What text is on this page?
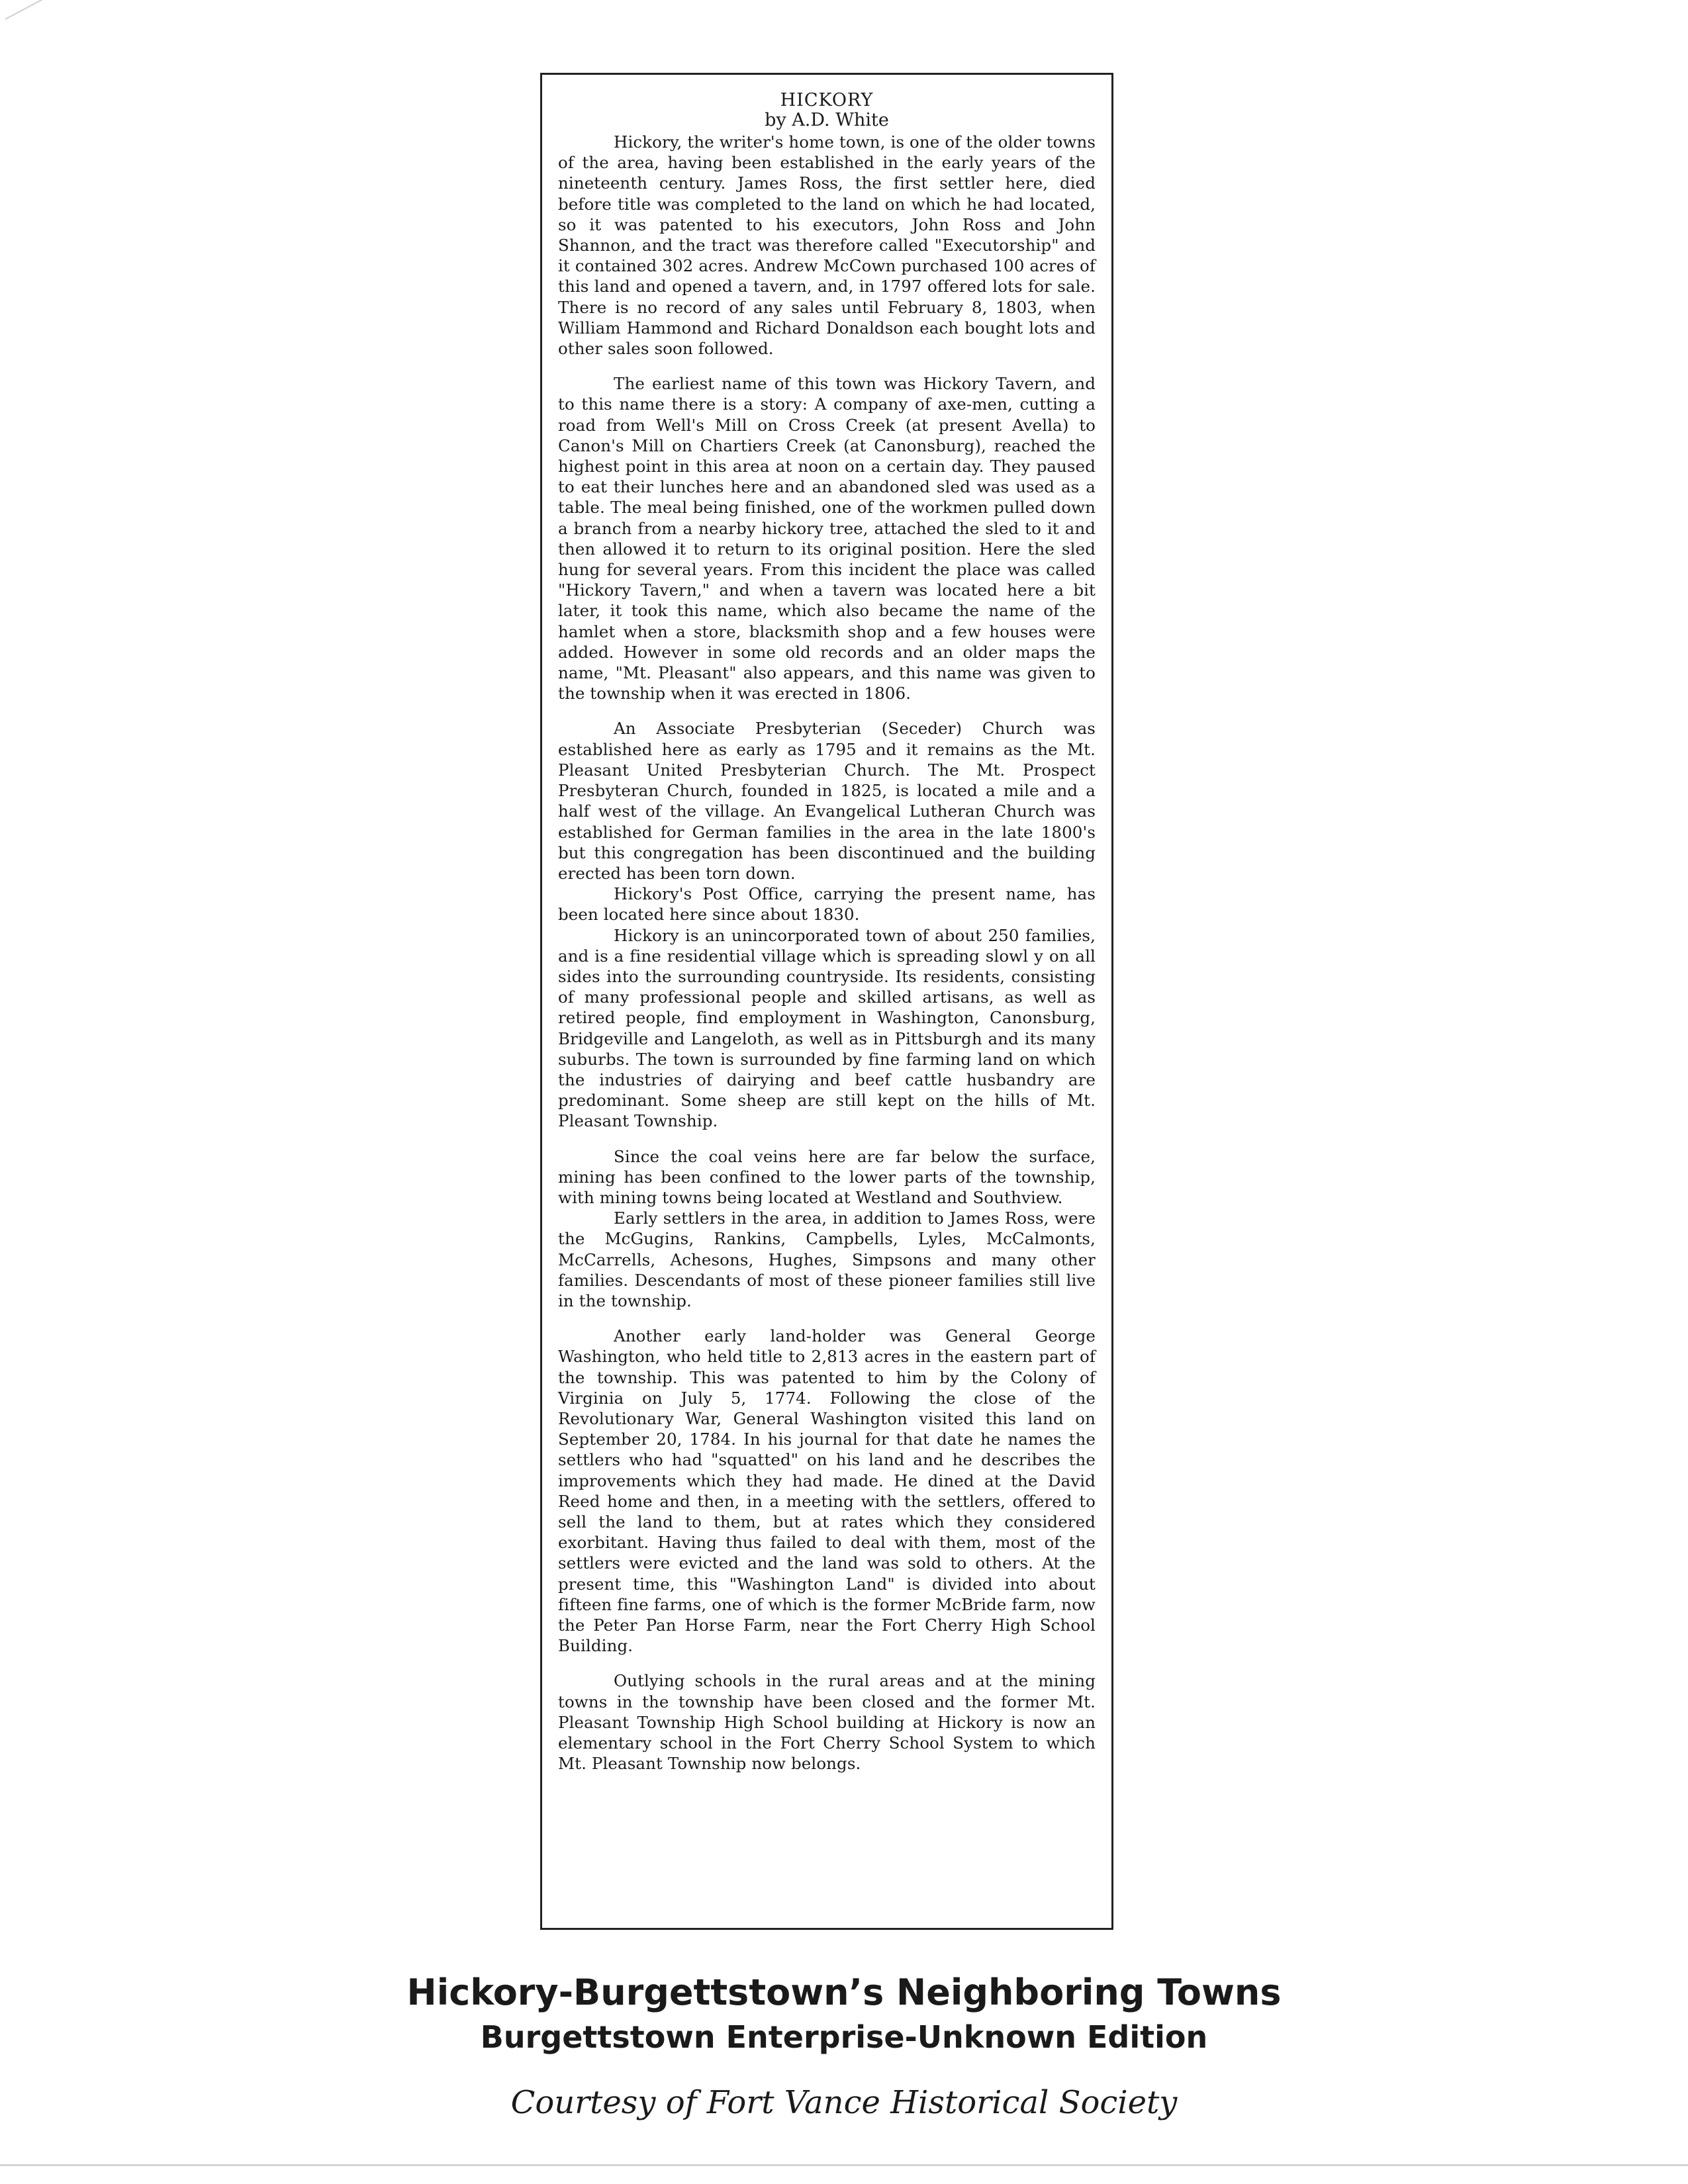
HICKORY
by A.D. White

Hickory, the writer's home town, is one of the older towns of the area, having been established in the early years of the nineteenth century. James Ross, the first settler here, died before title was completed to the land on which he had located, so it was patented to his executors, John Ross and John Shannon, and the tract was therefore called "Executorship" and it contained 302 acres. Andrew McCown purchased 100 acres of this land and opened a tavern, and, in 1797 offered lots for sale. There is no record of any sales until February 8, 1803, when William Hammond and Richard Donaldson each bought lots and other sales soon followed.

The earliest name of this town was Hickory Tavern, and to this name there is a story: A company of axe-men, cutting a road from Well's Mill on Cross Creek (at present Avella) to Canon's Mill on Chartiers Creek (at Canonsburg), reached the highest point in this area at noon on a certain day. They paused to eat their lunches here and an abandoned sled was used as a table. The meal being finished, one of the workmen pulled down a branch from a nearby hickory tree, attached the sled to it and then allowed it to return to its original position. Here the sled hung for several years. From this incident the place was called "Hickory Tavern," and when a tavern was located here a bit later, it took this name, which also became the name of the hamlet when a store, blacksmith shop and a few houses were added. However in some old records and an older maps the name, "Mt. Pleasant" also appears, and this name was given to the township when it was erected in 1806.

An Associate Presbyterian (Seceder) Church was established here as early as 1795 and it remains as the Mt. Pleasant United Presbyterian Church. The Mt. Prospect Presbyteran Church, founded in 1825, is located a mile and a half west of the village. An Evangelical Lutheran Church was established for German families in the area in the late 1800's but this congregation has been discontinued and the building erected has been torn down.

Hickory's Post Office, carrying the present name, has been located here since about 1830.

Hickory is an unincorporated town of about 250 families, and is a fine residential village which is spreading slowl y on all sides into the surrounding countryside. Its residents, consisting of many professional people and skilled artisans, as well as retired people, find employment in Washington, Canonsburg, Bridgeville and Langeloth, as well as in Pittsburgh and its many suburbs. The town is surrounded by fine farming land on which the industries of dairying and beef cattle husbandry are predominant. Some sheep are still kept on the hills of Mt. Pleasant Township.

Since the coal veins here are far below the surface, mining has been confined to the lower parts of the township, with mining towns being located at Westland and Southview.

Early settlers in the area, in addition to James Ross, were the McGugins, Rankins, Campbells, Lyles, McCalmonts, McCarrells, Achesons, Hughes, Simpsons and many other families. Descendants of most of these pioneer families still live in the township.

Another early land-holder was General George Washington, who held title to 2,813 acres in the eastern part of the township. This was patented to him by the Colony of Virginia on July 5, 1774. Following the close of the Revolutionary War, General Washington visited this land on September 20, 1784. In his journal for that date he names the settlers who had "squatted" on his land and he describes the improvements which they had made. He dined at the David Reed home and then, in a meeting with the settlers, offered to sell the land to them, but at rates which they considered exorbitant. Having thus failed to deal with them, most of the settlers were evicted and the land was sold to others. At the present time, this "Washington Land" is divided into about fifteen fine farms, one of which is the former McBride farm, now the Peter Pan Horse Farm, near the Fort Cherry High School Building.

Outlying schools in the rural areas and at the mining towns in the township have been closed and the former Mt. Pleasant Township High School building at Hickory is now an elementary school in the Fort Cherry School System to which Mt. Pleasant Township now belongs.

Hickory-Burgettstown’s Neighboring Towns
Burgettstown Enterprise-Unknown Edition
Courtesy of Fort Vance Historical Society
